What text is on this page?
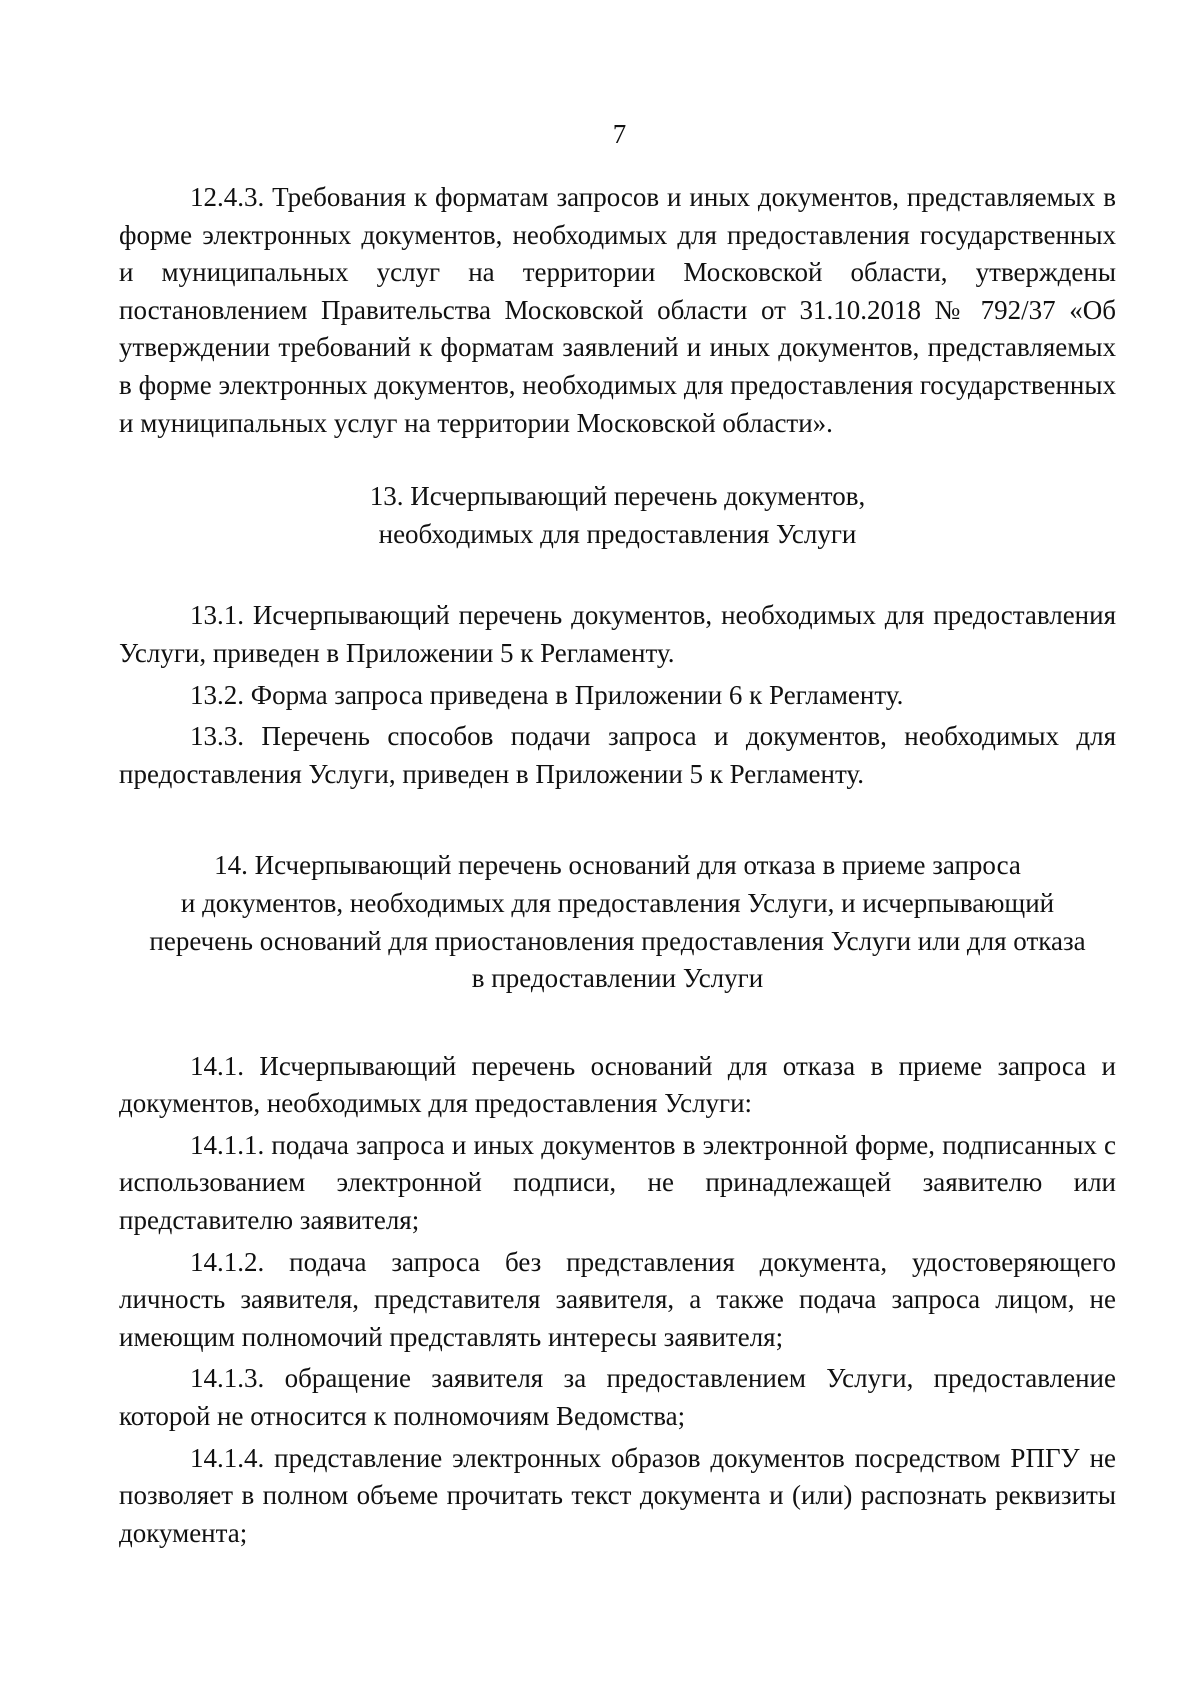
7

12.4.3. Требования к форматам запросов и иных документов, представляемых в форме электронных документов, необходимых для предоставления государственных и муниципальных услуг на территории Московской области, утверждены постановлением Правительства Московской области от 31.10.2018 № 792/37 «Об утверждении требований к форматам заявлений и иных документов, представляемых в форме электронных документов, необходимых для предоставления государственных и муниципальных услуг на территории Московской области».

13. Исчерпывающий перечень документов,
необходимых для предоставления Услуги

13.1. Исчерпывающий перечень документов, необходимых для предоставления Услуги, приведен в Приложении 5 к Регламенту.

13.2. Форма запроса приведена в Приложении 6 к Регламенту.

13.3. Перечень способов подачи запроса и документов, необходимых для предоставления Услуги, приведен в Приложении 5 к Регламенту.

14. Исчерпывающий перечень оснований для отказа в приеме запроса
и документов, необходимых для предоставления Услуги, и исчерпывающий
перечень оснований для приостановления предоставления Услуги или для отказа
в предоставлении Услуги

14.1. Исчерпывающий перечень оснований для отказа в приеме запроса и документов, необходимых для предоставления Услуги:

14.1.1. подача запроса и иных документов в электронной форме, подписанных с использованием электронной подписи, не принадлежащей заявителю или представителю заявителя;

14.1.2. подача запроса без представления документа, удостоверяющего личность заявителя, представителя заявителя, а также подача запроса лицом, не имеющим полномочий представлять интересы заявителя;

14.1.3. обращение заявителя за предоставлением Услуги, предоставление которой не относится к полномочиям Ведомства;

14.1.4. представление электронных образов документов посредством РПГУ не позволяет в полном объеме прочитать текст документа и (или) распознать реквизиты документа;
